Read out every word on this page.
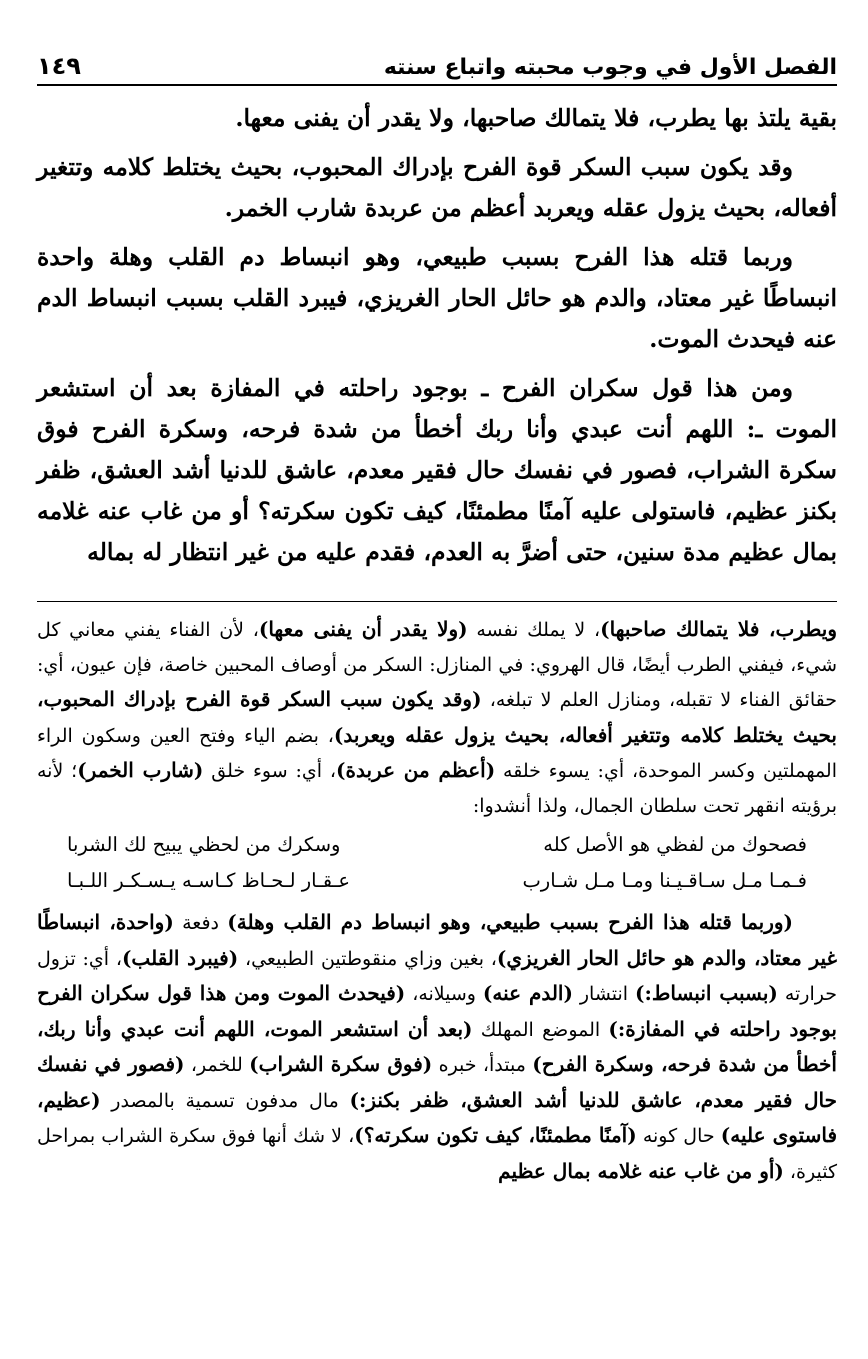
الفصل الأول في وجوب محبته واتباع سنته
١٤٩

بقية يلتذ بها يطرب، فلا يتمالك صاحبها، ولا يقدر أن يفنى معها.

وقد يكون سبب السكر قوة الفرح بإدراك المحبوب، بحيث يختلط كلامه وتتغير أفعاله، بحيث يزول عقله ويعربد أعظم من عربدة شارب الخمر.

وربما قتله هذا الفرح بسبب طبيعي، وهو انبساط دم القلب وهلة واحدة انبساطًا غير معتاد، والدم هو حائل الحار الغريزي، فيبرد القلب بسبب انبساط الدم عنه فيحدث الموت.

ومن هذا قول سكران الفرح ـ بوجود راحلته في المفازة بعد أن استشعر الموت ـ: اللهم أنت عبدي وأنا ربك أخطأ من شدة فرحه، وسكرة الفرح فوق سكرة الشراب، فصور في نفسك حال فقير معدم، عاشق للدنيا أشد العشق، ظفر بكنز عظيم، فاستولى عليه آمنًا مطمئنًا، كيف تكون سكرته؟ أو من غاب عنه غلامه بمال عظيم مدة سنين، حتى أضرَّ به العدم، فقدم عليه من غير انتظار له بماله

ويطرب، فلا يتمالك صاحبها)، لا يملك نفسه (ولا يقدر أن يفنى معها)، لأن الفناء يفني معاني كل شيء، فيفني الطرب أيضًا، قال الهروي: في المنازل: السكر من أوصاف المحبين خاصة، فإن عيون، أي: حقائق الفناء لا تقبله، ومنازل العلم لا تبلغه، (وقد يكون سبب السكر قوة الفرح بإدراك المحبوب، بحيث يختلط كلامه وتتغير أفعاله، بحيث يزول عقله ويعربد)، بضم الياء وفتح العين وسكون الراء المهملتين وكسر الموحدة، أي: يسوء خلقه (أعظم من عربدة)، أي: سوء خلق (شارب الخمر)؛ لأنه برؤيته انقهر تحت سلطان الجمال، ولذا أنشدوا:

فصحوك من لفظي هو الأصل كله
وسكرك من لحظي يبيح لك الشربا
فـمـا مـل سـاقـيـنا ومـا مـل شـارب
عـقـار لـحـاظ كـاسـه يـسـكـر اللـبـا

(وربما قتله هذا الفرح بسبب طبيعي، وهو انبساط دم القلب وهلة) دفعة (واحدة، انبساطًا غير معتاد، والدم هو حائل الحار الغريزي)، بغين وزاي منقوطتين الطبيعي، (فيبرد القلب)، أي: تزول حرارته (بسبب انبساط:) انتشار (الدم عنه) وسيلانه، (فيحدث الموت ومن هذا قول سكران الفرح بوجود راحلته في المفازة:) الموضع المهلك (بعد أن استشعر الموت، اللهم أنت عبدي وأنا ربك، أخطأ من شدة فرحه، وسكرة الفرح) مبتدأ، خبره (فوق سكرة الشراب) للخمر، (فصور في نفسك حال فقير معدم، عاشق للدنيا أشد العشق، ظفر بكنز:) مال مدفون تسمية بالمصدر (عظيم، فاستوى عليه) حال كونه (آمنًا مطمئنًا، كيف تكون سكرته؟)، لا شك أنها فوق سكرة الشراب بمراحل كثيرة، (أو من غاب عنه غلامه بمال عظيم
